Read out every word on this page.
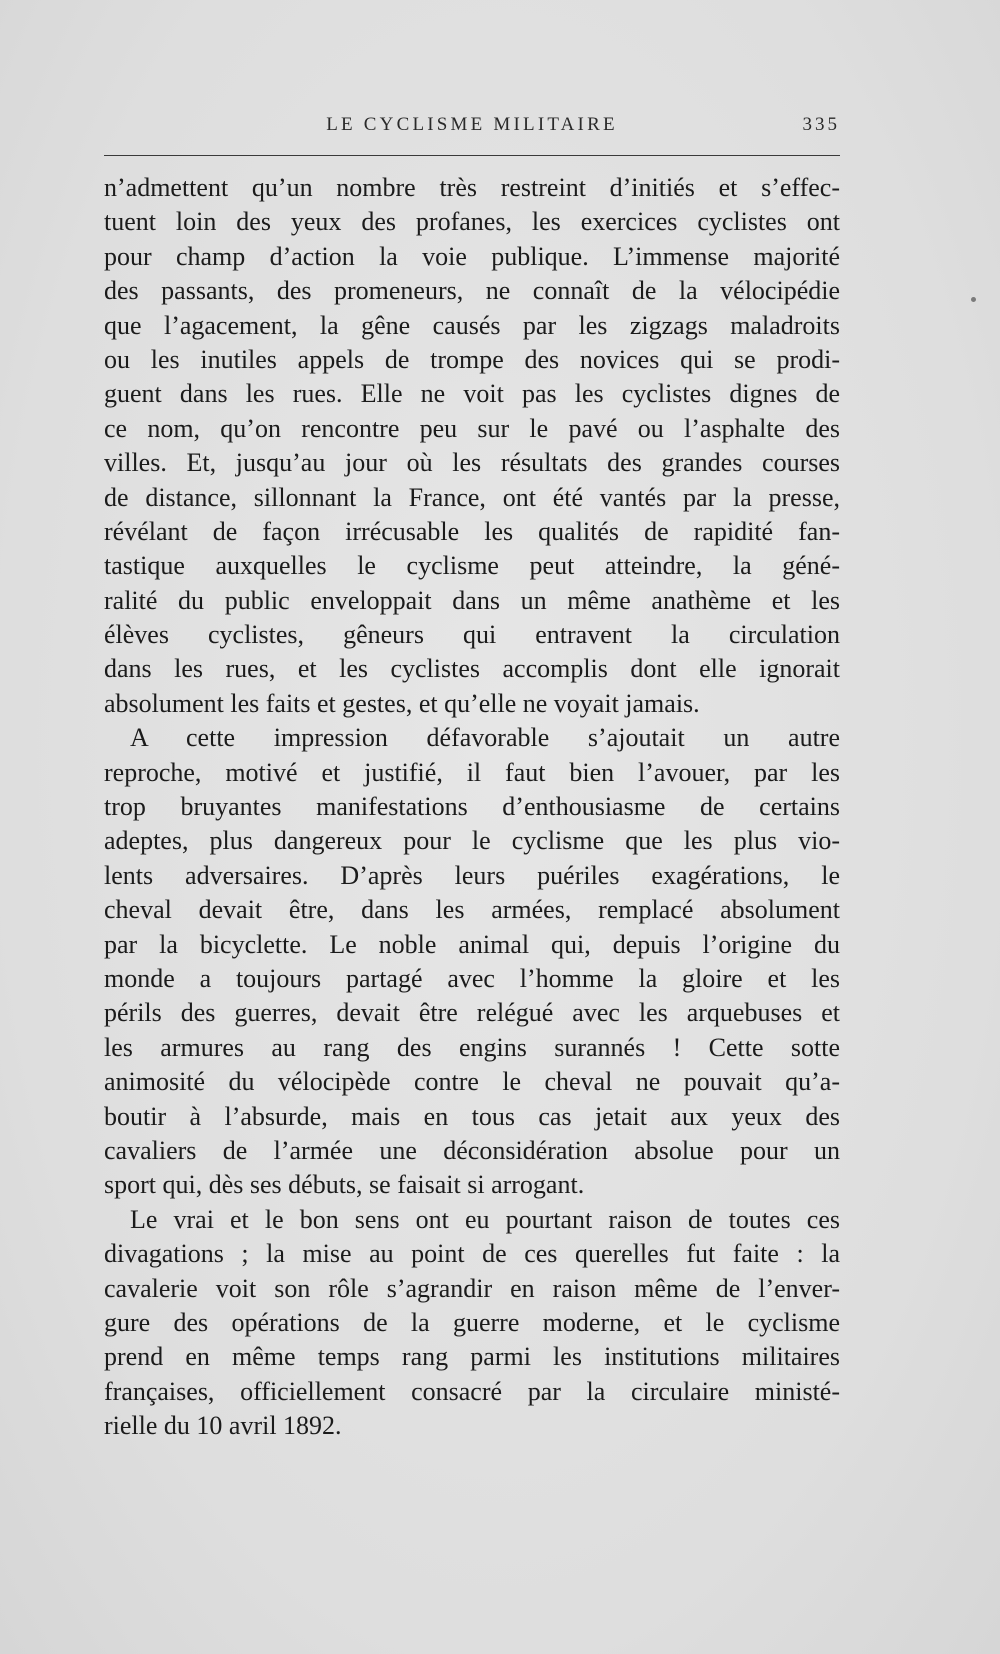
LE CYCLISME MILITAIRE	335
n’admettent qu’un nombre très restreint d’initiés et s’effec-
tuent loin des yeux des profanes, les exercices cyclistes ont
pour champ d’action la voie publique. L’immense majorité
des passants, des promeneurs, ne connaît de la vélocipédie
que l’agacement, la gêne causés par les zigzags maladroits
ou les inutiles appels de trompe des novices qui se prodi-
guent dans les rues. Elle ne voit pas les cyclistes dignes de
ce nom, qu’on rencontre peu sur le pavé ou l’asphalte des
villes. Et, jusqu’au jour où les résultats des grandes courses
de distance, sillonnant la France, ont été vantés par la presse,
révélant de façon irrécusable les qualités de rapidité fan-
tastique auxquelles le cyclisme peut atteindre, la géné-
ralité du public enveloppait dans un même anathème et les
élèves cyclistes, gêneurs qui entravent la circulation
dans les rues, et les cyclistes accomplis dont elle ignorait
absolument les faits et gestes, et qu’elle ne voyait jamais.
A cette impression défavorable s’ajoutait un autre
reproche, motivé et justifié, il faut bien l’avouer, par les
trop bruyantes manifestations d’enthousiasme de certains
adeptes, plus dangereux pour le cyclisme que les plus vio-
lents adversaires. D’après leurs puériles exagérations, le
cheval devait être, dans les armées, remplacé absolument
par la bicyclette. Le noble animal qui, depuis l’origine du
monde a toujours partagé avec l’homme la gloire et les
périls des guerres, devait être relégué avec les arquebuses et
les armures au rang des engins surannés ! Cette sotte
animosité du vélocipède contre le cheval ne pouvait qu’a-
boutir à l’absurde, mais en tous cas jetait aux yeux des
cavaliers de l’armée une déconsidération absolue pour un
sport qui, dès ses débuts, se faisait si arrogant.
Le vrai et le bon sens ont eu pourtant raison de toutes ces
divagations ; la mise au point de ces querelles fut faite : la
cavalerie voit son rôle s’agrandir en raison même de l’enver-
gure des opérations de la guerre moderne, et le cyclisme
prend en même temps rang parmi les institutions militaires
françaises, officiellement consacré par la circulaire ministé-
rielle du 10 avril 1892.
